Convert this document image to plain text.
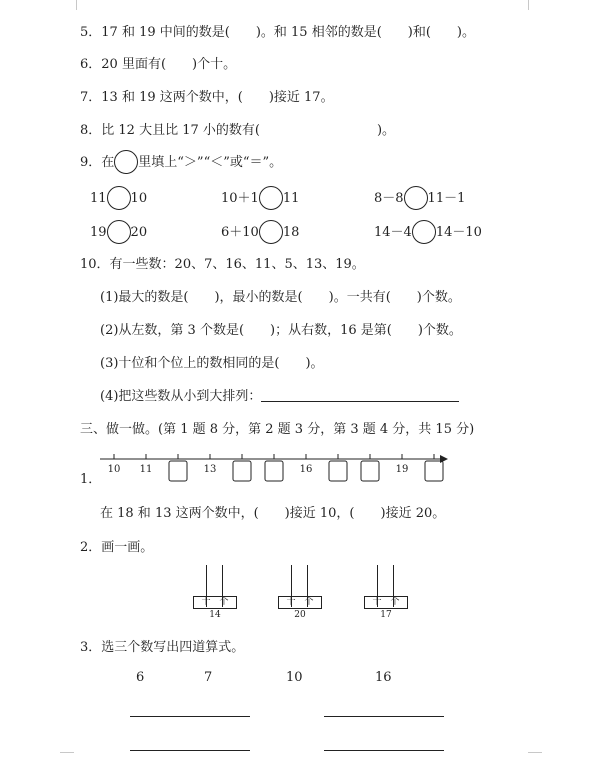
5．17 和 19 中间的数是(　　)。和 15 相邻的数是(　　)和(　　)。
6．20 里面有(　　)个十。
7．13 和 19 这两个数中，(　　)接近 17。
8．比 12 大且比 17 小的数有(　　　　　　　　　)。
9．在 里填上“＞”“＜”或“＝”。
11 10	10＋1 11	8－8 11－1
19 20	6＋10 18	14－4 14－10
10．有一些数：20、7、16、11、5、13、19。
(1)最大的数是(　　)，最小的数是(　　)。一共有(　　)个数。
(2)从左数，第 3 个数是(　　)；从右数，16 是第(　　)个数。
(3)十位和个位上的数相同的是(　　)。
(4)把这些数从小到大排列：
三、做一做。(第 1 题 8 分，第 2 题 3 分，第 3 题 4 分，共 15 分)
1．
10 11	13	16	19
在 18 和 13 这两个数中，(　　)接近 10，(　　)接近 20。
2．画一画。
十　个
14
十　个
20
十　个
17
3．选三个数写出四道算式。
6	7	10	16
